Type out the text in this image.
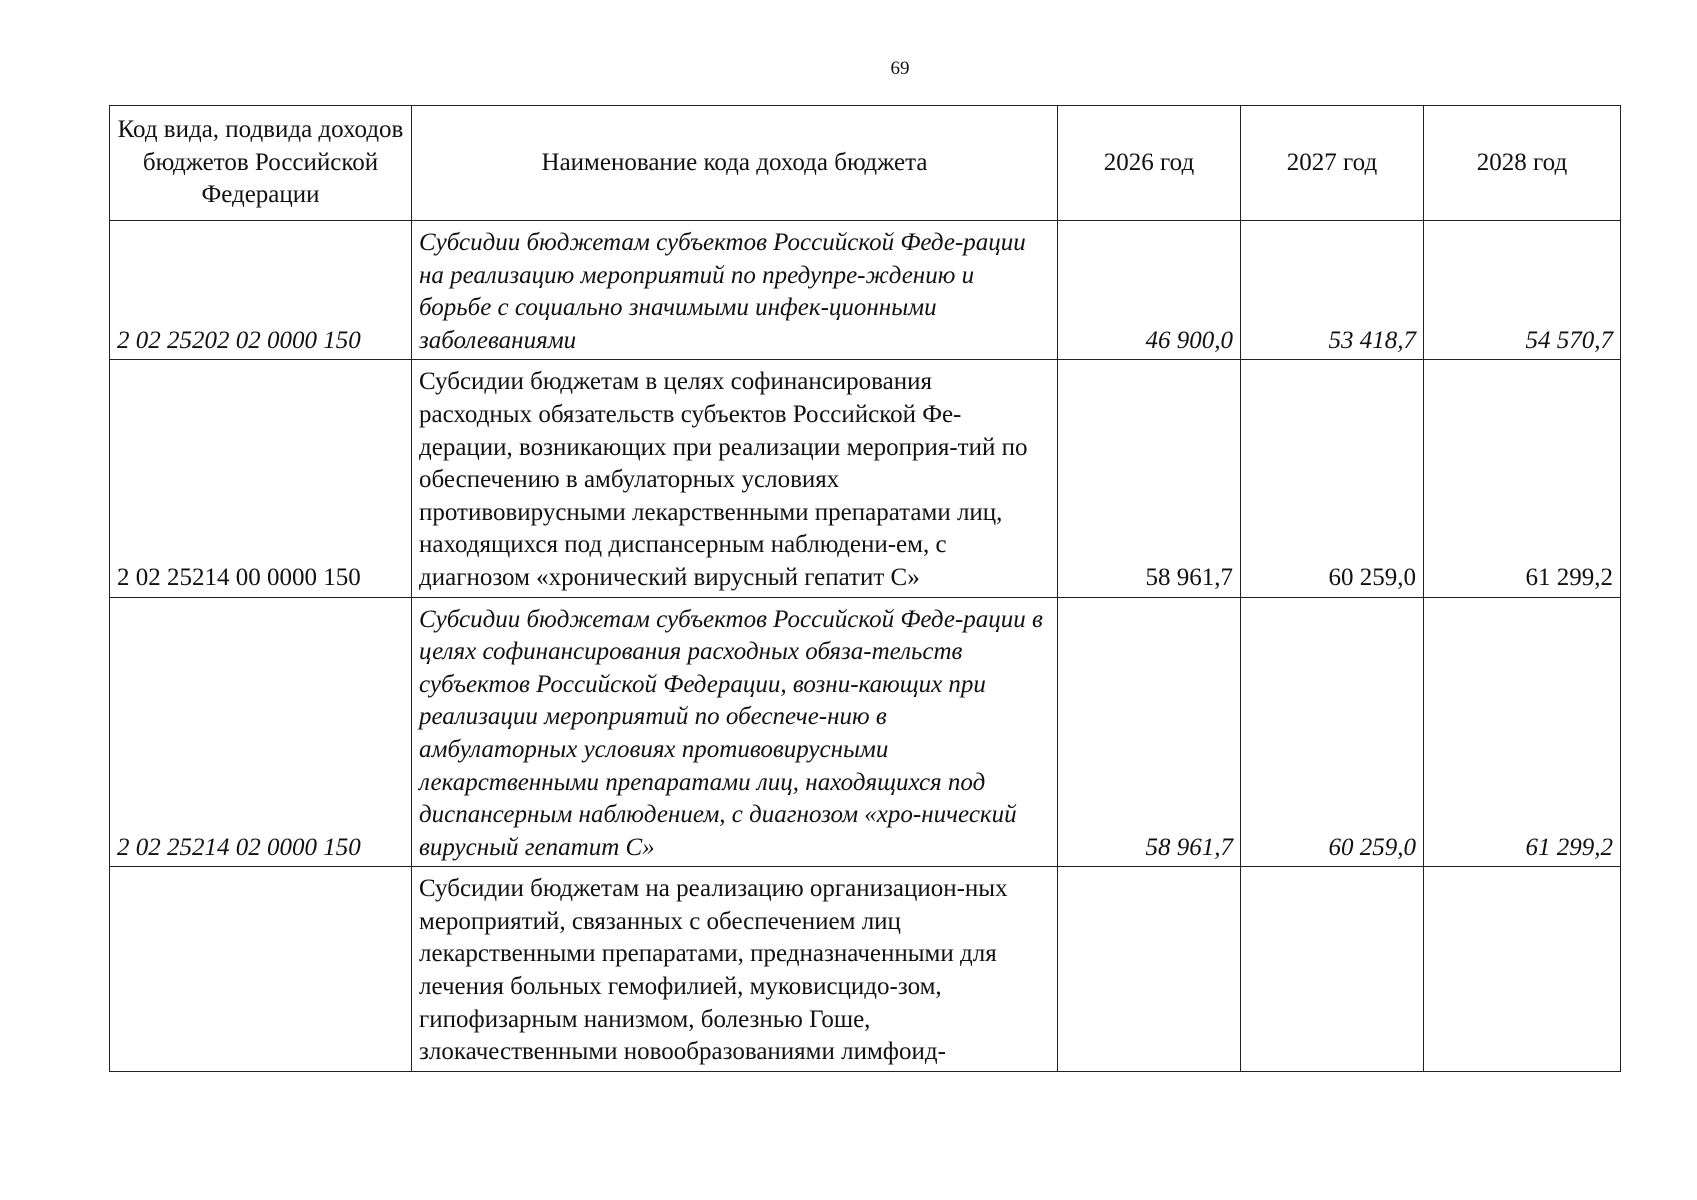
69
Код вида, подвида доходов бюджетов Российской Федерации	Наименование кода дохода бюджета	2026 год	2027 год	2028 год
2 02 25202 02 0000 150	Субсидии бюджетам субъектов Российской Феде-рации на реализацию мероприятий по предупре-ждению и борьбе с социально значимыми инфек-ционными заболеваниями	46 900,0	53 418,7	54 570,7
2 02 25214 00 0000 150	Субсидии бюджетам в целях софинансирования расходных обязательств субъектов Российской Фе-дерации, возникающих при реализации мероприя-тий по обеспечению в амбулаторных условиях противовирусными лекарственными препаратами лиц, находящихся под диспансерным наблюдени-ем, с диагнозом «хронический вирусный гепатит С»	58 961,7	60 259,0	61 299,2
2 02 25214 02 0000 150	Субсидии бюджетам субъектов Российской Феде-рации в целях софинансирования расходных обяза-тельств субъектов Российской Федерации, возни-кающих при реализации мероприятий по обеспече-нию в амбулаторных условиях противовирусными лекарственными препаратами лиц, находящихся под диспансерным наблюдением, с диагнозом «хро-нический вирусный гепатит С»	58 961,7	60 259,0	61 299,2
	Субсидии бюджетам на реализацию организацион-ных мероприятий, связанных с обеспечением лиц лекарственными препаратами, предназначенными для лечения больных гемофилией, муковисцидо-зом, гипофизарным нанизмом, болезнью Гоше, злокачественными новообразованиями лимфоид-			
